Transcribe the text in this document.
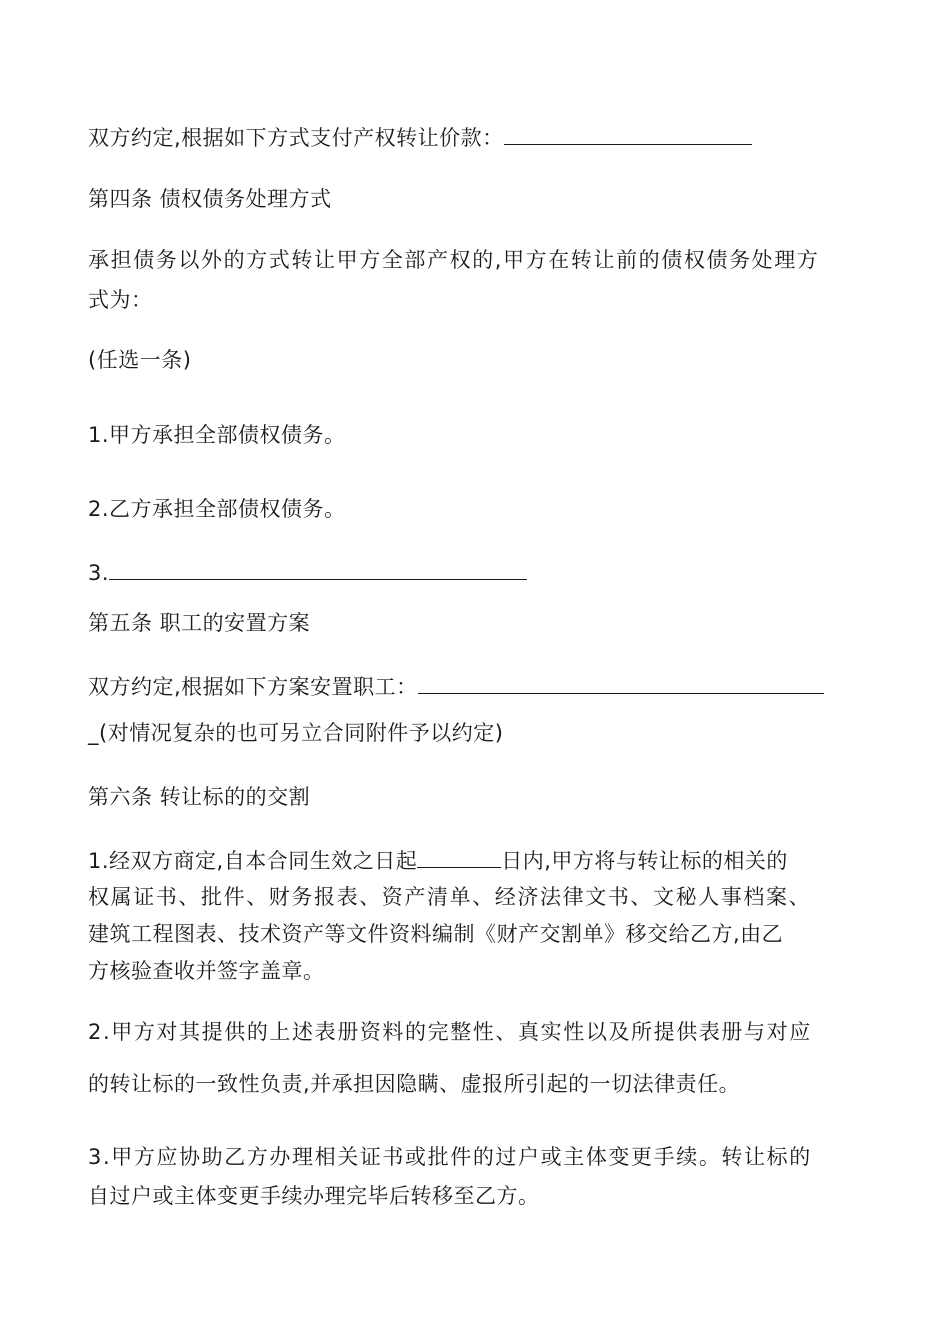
双方约定,根据如下方式支付产权转让价款：
第四条 债权债务处理方式
承担债务以外的方式转让甲方全部产权的,甲方在转让前的债权债务处理方
式为：
(任选一条)
1.甲方承担全部债权债务。
2.乙方承担全部债权债务。
3.
第五条 职工的安置方案
双方约定,根据如下方案安置职工：
_(对情况复杂的也可另立合同附件予以约定)
第六条 转让标的的交割
1.经双方商定,自本合同生效之日起	日内,甲方将与转让标的相关的
权属证书、批件、财务报表、资产清单、经济法律文书、文秘人事档案、
建筑工程图表、技术资产等文件资料编制《财产交割单》移交给乙方,由乙
方核验查收并签字盖章。
2.甲方对其提供的上述表册资料的完整性、真实性以及所提供表册与对应
的转让标的一致性负责,并承担因隐瞒、虚报所引起的一切法律责任。
3.甲方应协助乙方办理相关证书或批件的过户或主体变更手续。转让标的
自过户或主体变更手续办理完毕后转移至乙方。
